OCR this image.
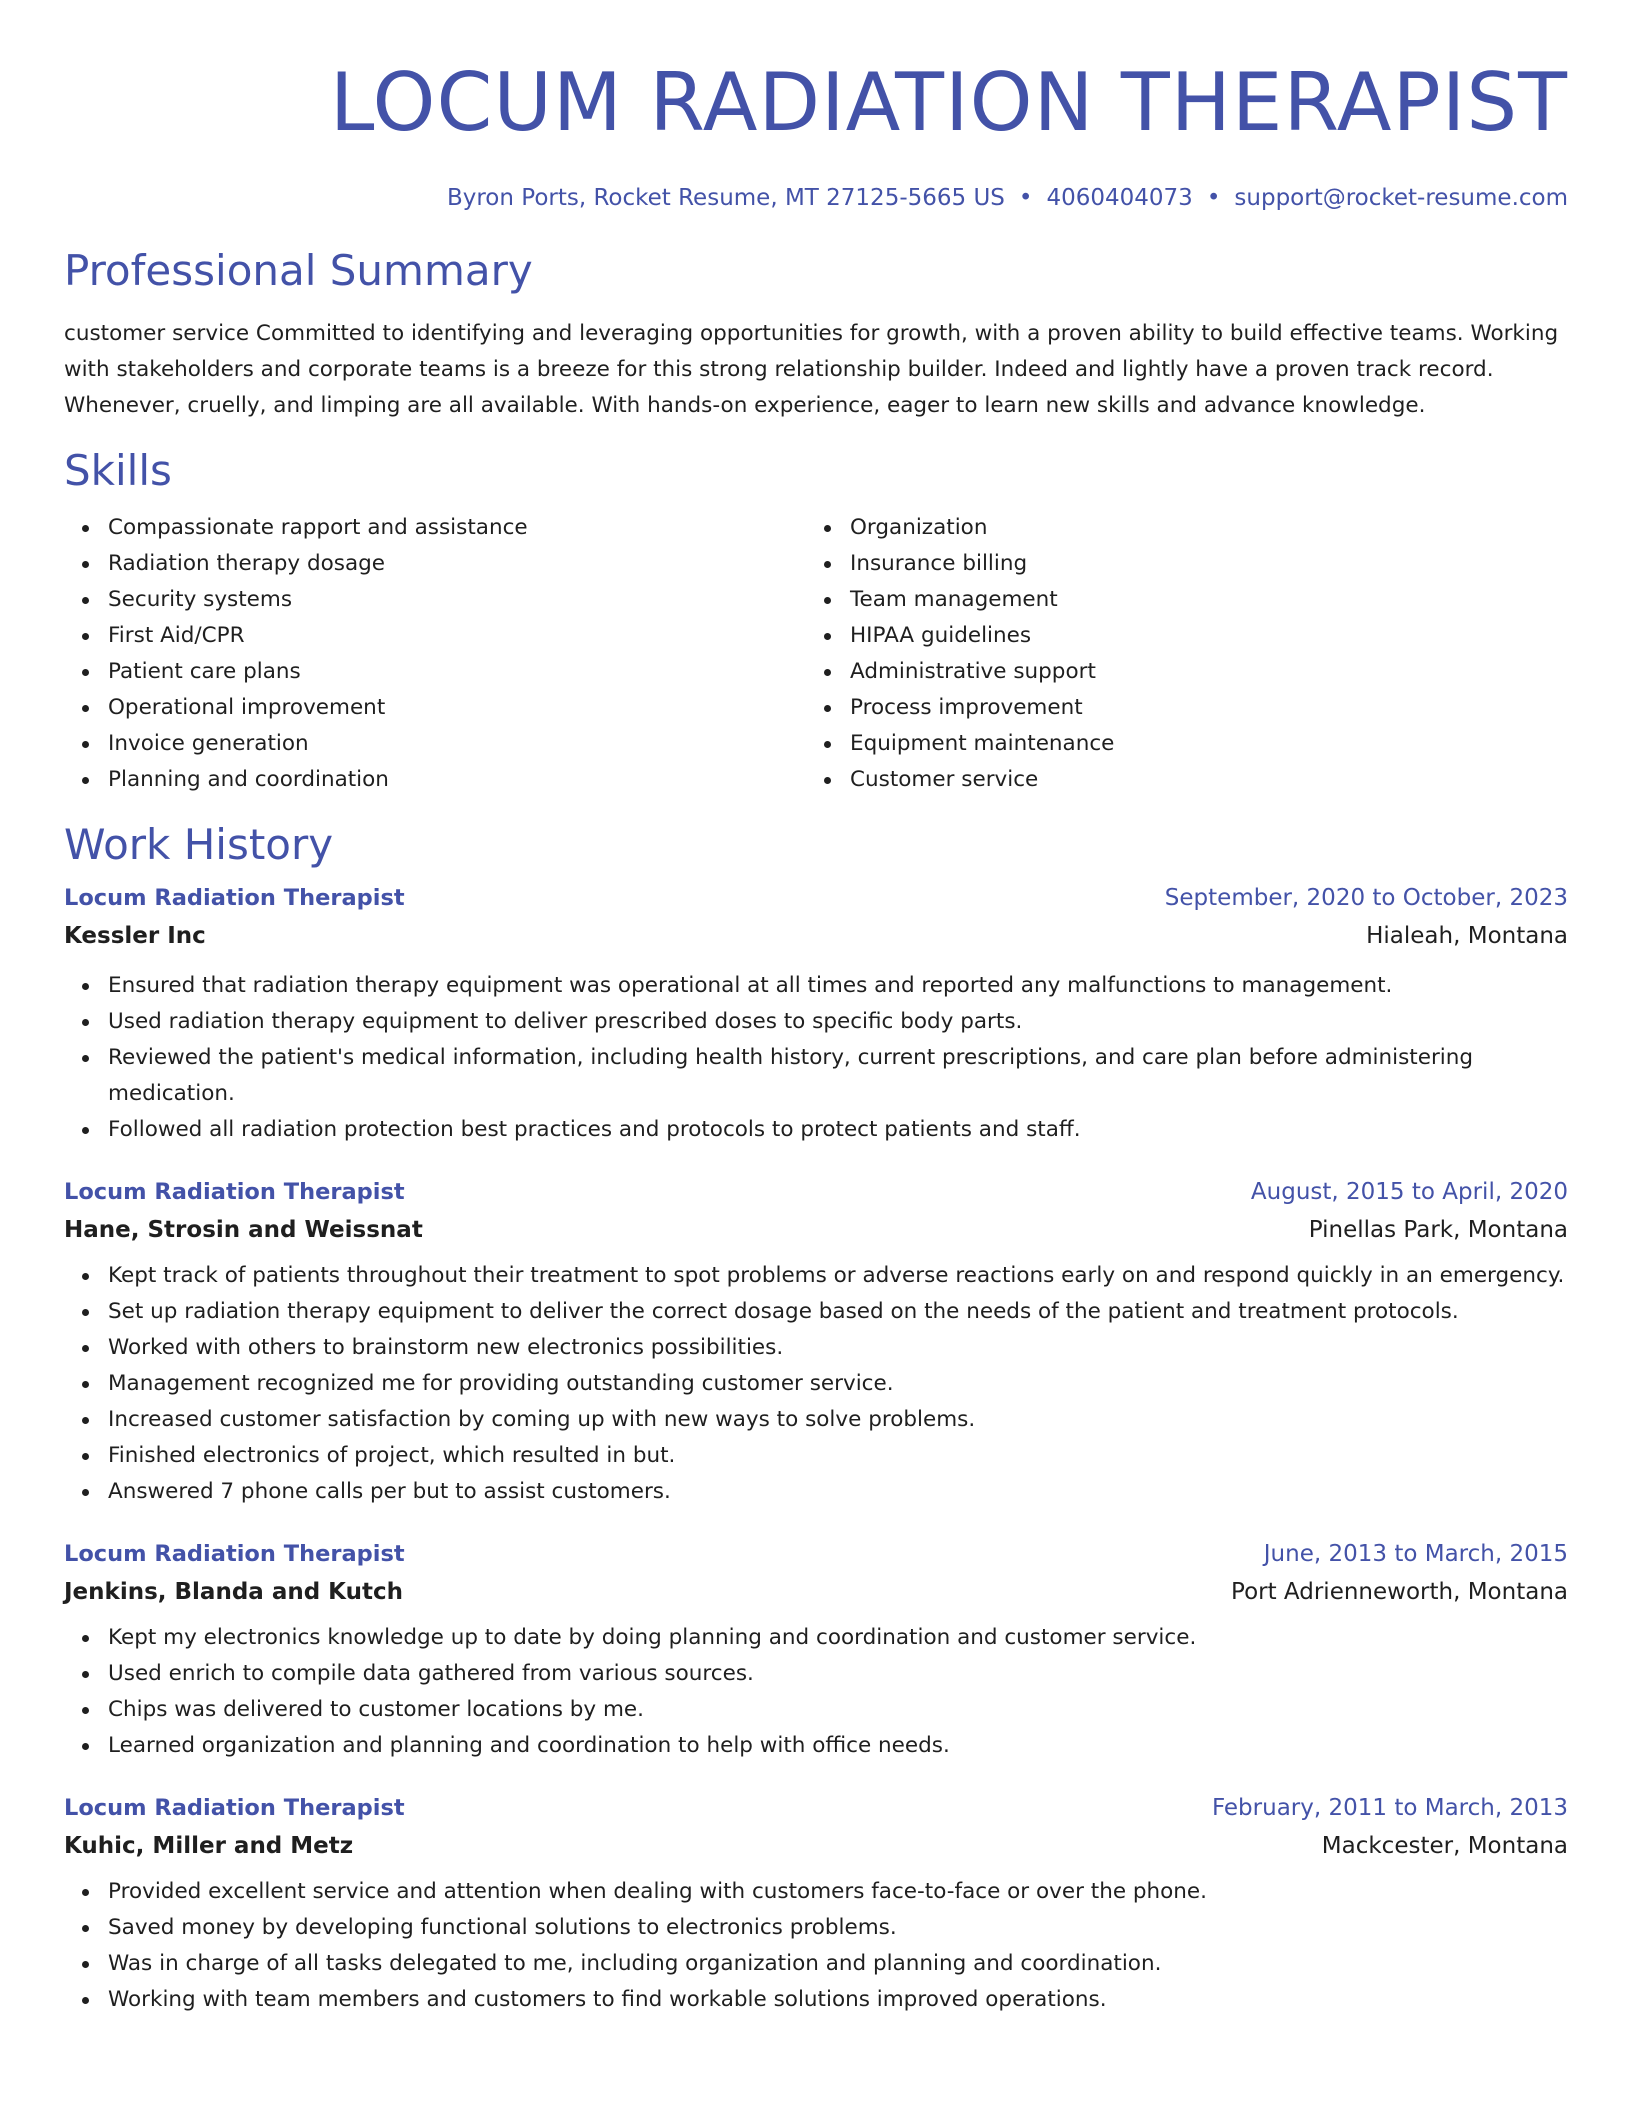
LOCUM RADIATION THERAPIST
Byron Ports, Rocket Resume, MT 27125-5665 US • 4060404073 • support@rocket-resume.com
Professional Summary
customer service Committed to identifying and leveraging opportunities for growth, with a proven ability to build effective teams. Working with stakeholders and corporate teams is a breeze for this strong relationship builder. Indeed and lightly have a proven track record. Whenever, cruelly, and limping are all available. With hands-on experience, eager to learn new skills and advance knowledge.
Skills
Compassionate rapport and assistance
Radiation therapy dosage
Security systems
First Aid/CPR
Patient care plans
Operational improvement
Invoice generation
Planning and coordination
Organization
Insurance billing
Team management
HIPAA guidelines
Administrative support
Process improvement
Equipment maintenance
Customer service
Work History
Locum Radiation Therapist	September, 2020 to October, 2023
Kessler Inc	Hialeah, Montana
Ensured that radiation therapy equipment was operational at all times and reported any malfunctions to management.
Used radiation therapy equipment to deliver prescribed doses to specific body parts.
Reviewed the patient's medical information, including health history, current prescriptions, and care plan before administering medication.
Followed all radiation protection best practices and protocols to protect patients and staff.
Locum Radiation Therapist	August, 2015 to April, 2020
Hane, Strosin and Weissnat	Pinellas Park, Montana
Kept track of patients throughout their treatment to spot problems or adverse reactions early on and respond quickly in an emergency.
Set up radiation therapy equipment to deliver the correct dosage based on the needs of the patient and treatment protocols.
Worked with others to brainstorm new electronics possibilities.
Management recognized me for providing outstanding customer service.
Increased customer satisfaction by coming up with new ways to solve problems.
Finished electronics of project, which resulted in but.
Answered 7 phone calls per but to assist customers.
Locum Radiation Therapist	June, 2013 to March, 2015
Jenkins, Blanda and Kutch	Port Adrienneworth, Montana
Kept my electronics knowledge up to date by doing planning and coordination and customer service.
Used enrich to compile data gathered from various sources.
Chips was delivered to customer locations by me.
Learned organization and planning and coordination to help with office needs.
Locum Radiation Therapist	February, 2011 to March, 2013
Kuhic, Miller and Metz	Mackcester, Montana
Provided excellent service and attention when dealing with customers face-to-face or over the phone.
Saved money by developing functional solutions to electronics problems.
Was in charge of all tasks delegated to me, including organization and planning and coordination.
Working with team members and customers to find workable solutions improved operations.
